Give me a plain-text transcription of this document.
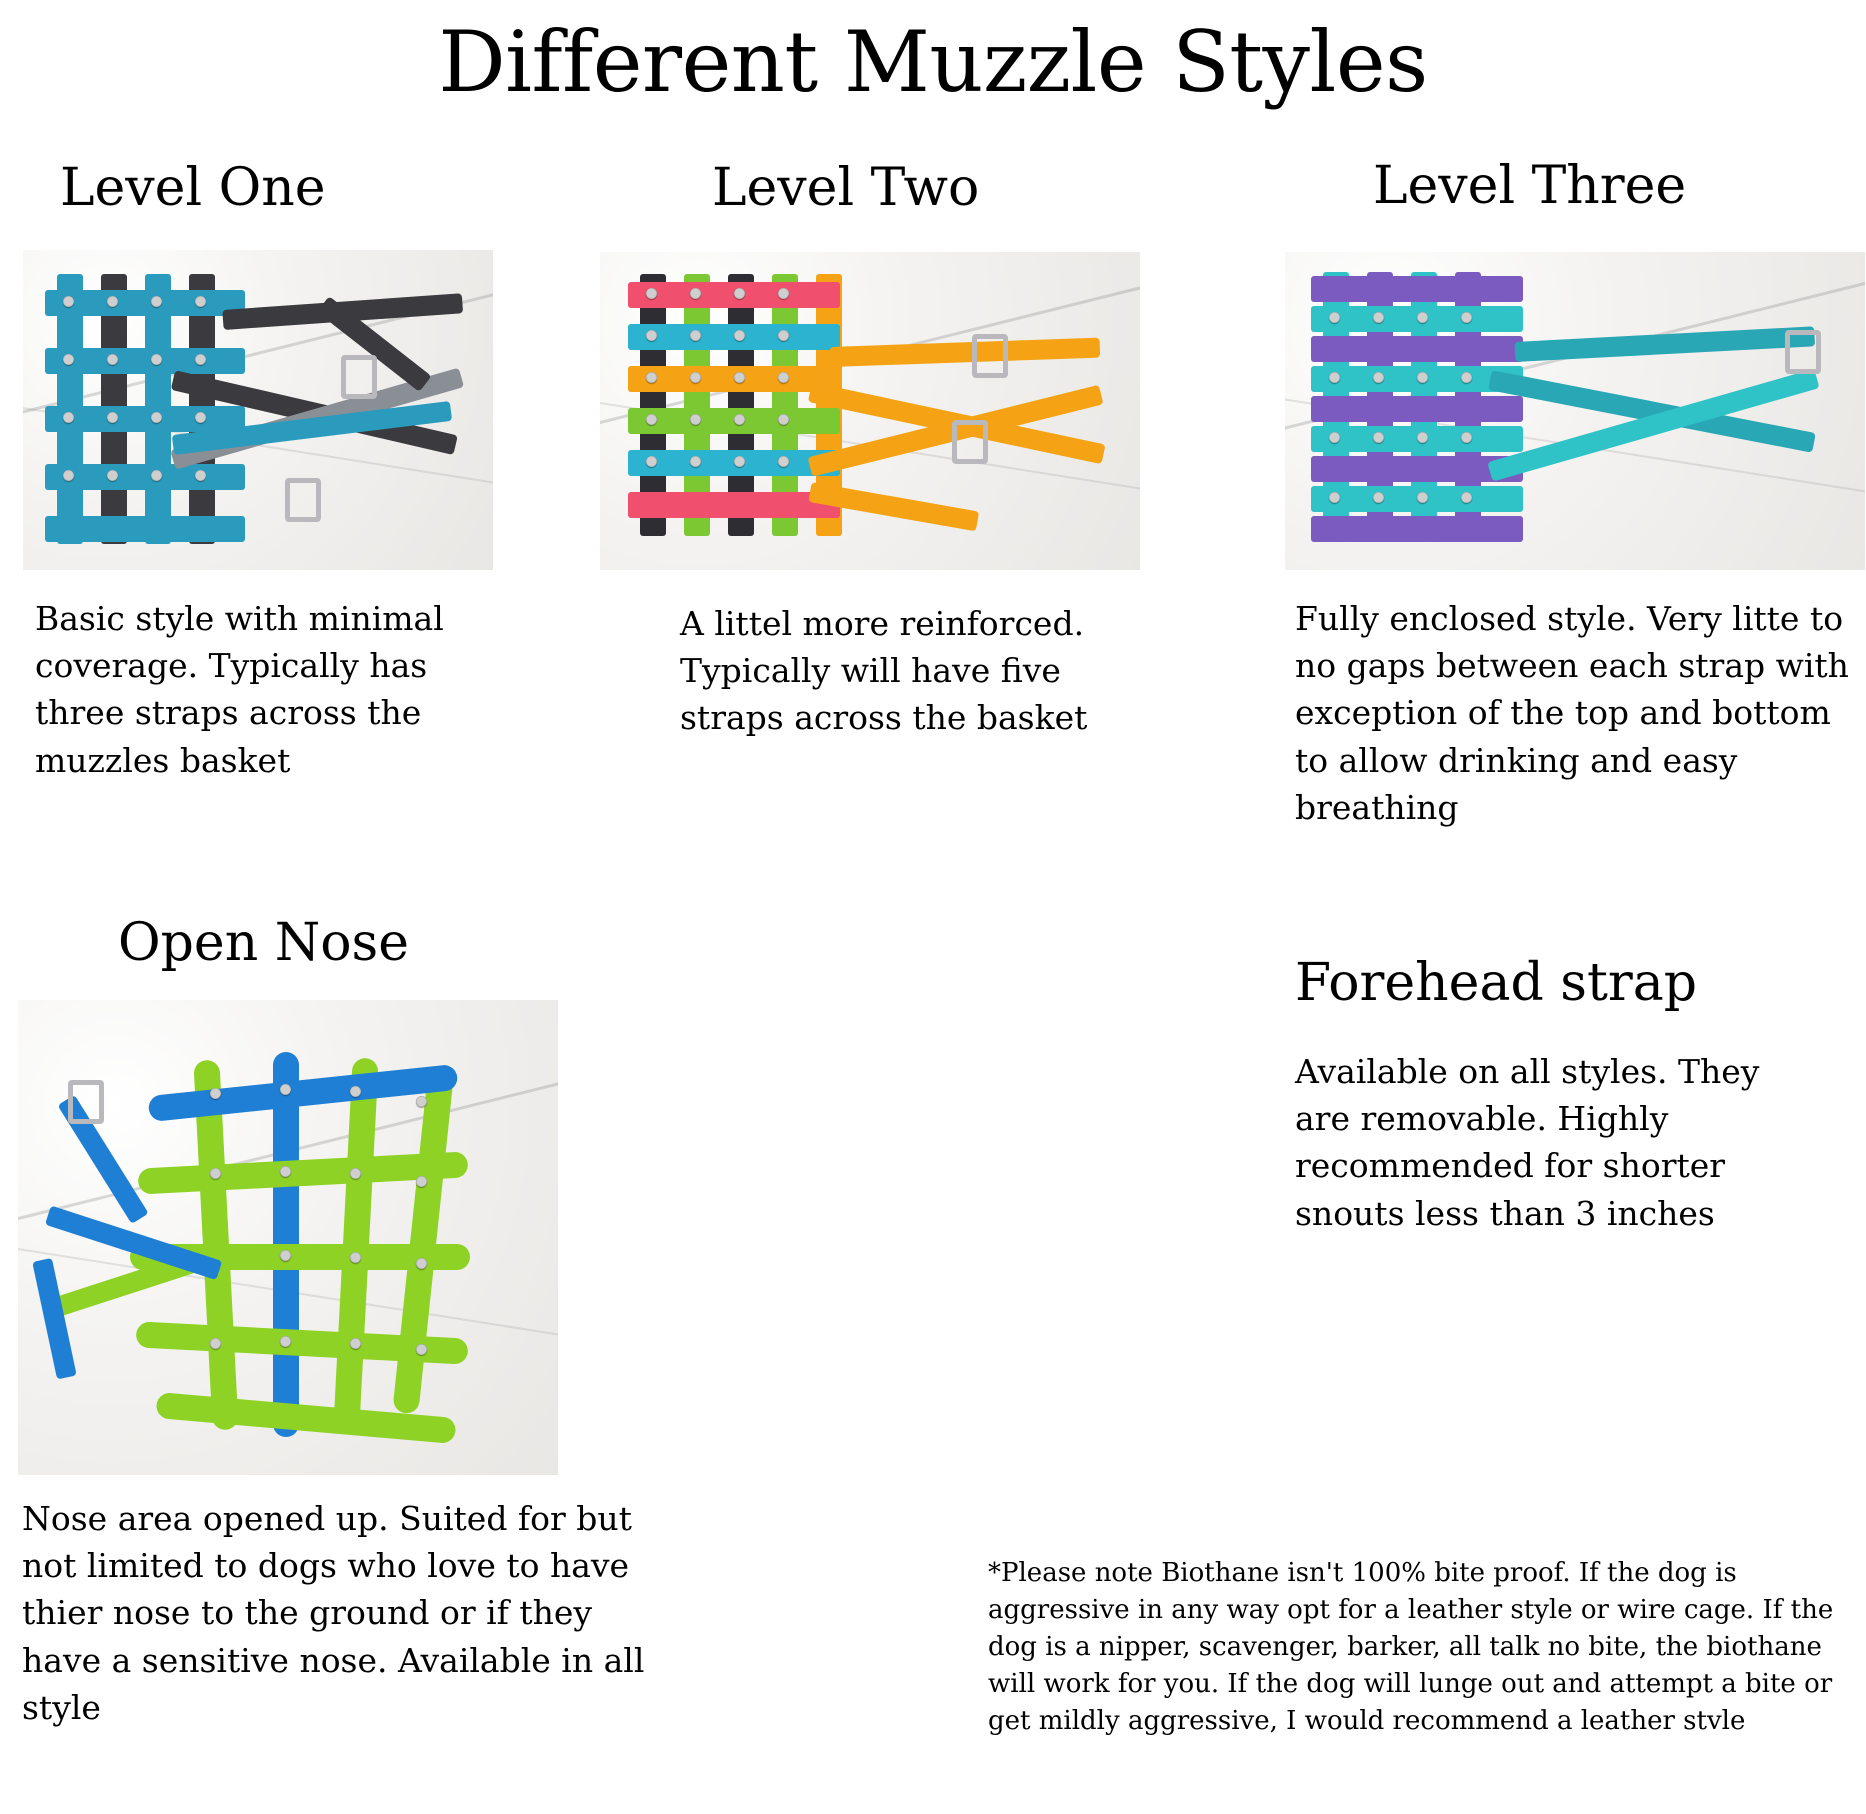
Different Muzzle Styles
Level One
Basic style with minimal coverage. Typically has three straps across the muzzles basket
Level Two
A littel more reinforced. Typically will have five straps across the basket
Level Three
Fully enclosed style. Very litte to no gaps between each strap with exception of the top and bottom to allow drinking and easy breathing
Open Nose
Nose area opened up. Suited for but not limited to dogs who love to have thier nose to the ground or if they have a sensitive nose. Available in all style
Forehead strap
Available on all styles. They are removable. Highly recommended for shorter snouts less than 3 inches
*Please note Biothane isn't 100% bite proof. If the dog is aggressive in any way opt for a leather style or wire cage. If the dog is a nipper, scavenger, barker, all talk no bite, the biothane will work for you. If the dog will lunge out and attempt a bite or get mildly aggressive, I would recommend a leather stvle
